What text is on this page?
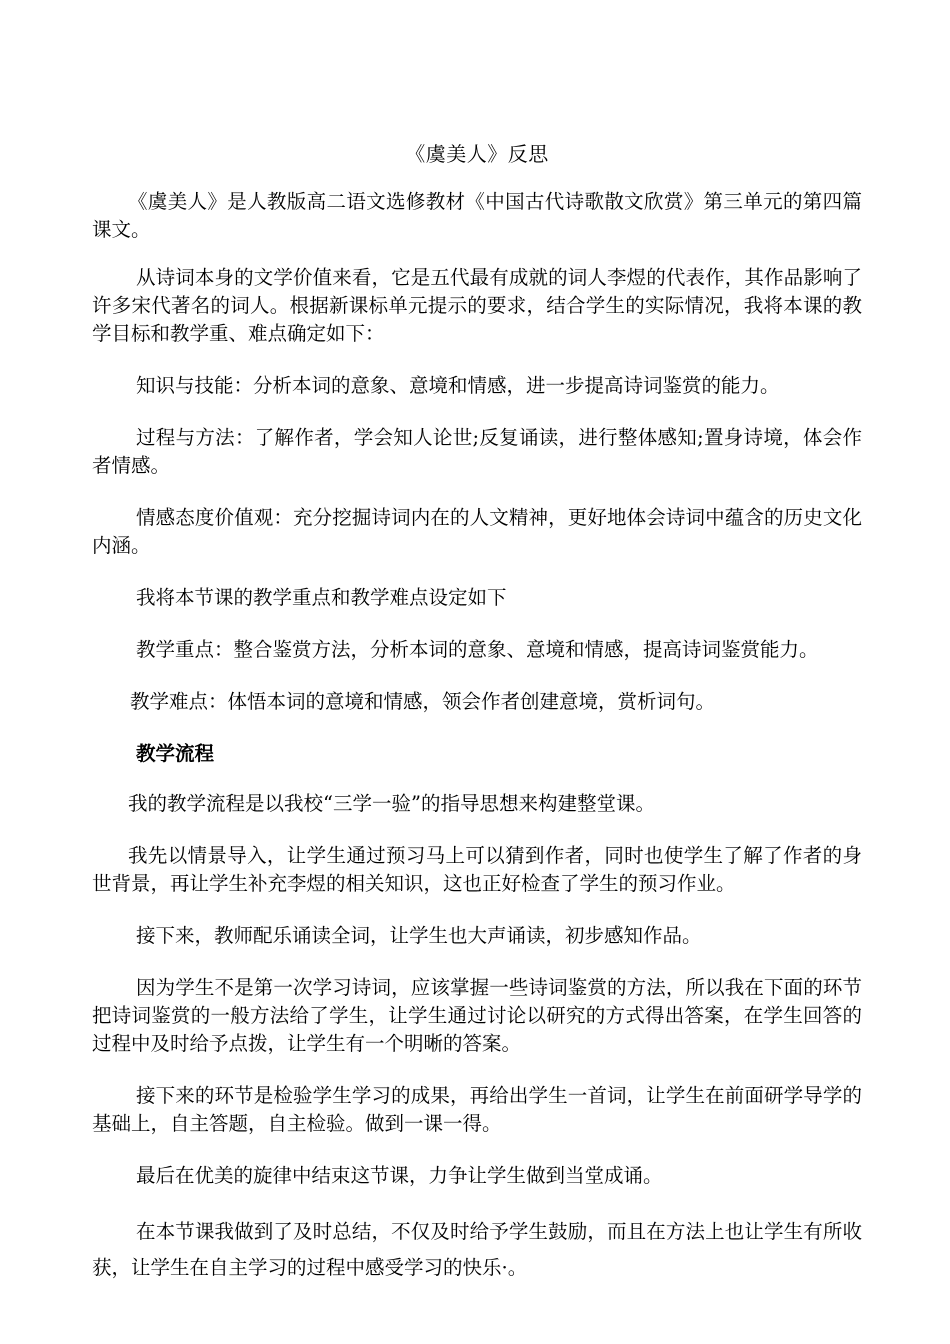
《虞美人》反思

《虞美人》是人教版高二语文选修教材《中国古代诗歌散文欣赏》第三单元的第四篇课文。

从诗词本身的文学价值来看，它是五代最有成就的词人李煜的代表作，其作品影响了许多宋代著名的词人。根据新课标单元提示的要求，结合学生的实际情况，我将本课的教学目标和教学重、难点确定如下：

知识与技能：分析本词的意象、意境和情感，进一步提高诗词鉴赏的能力。

过程与方法：了解作者，学会知人论世;反复诵读，进行整体感知;置身诗境，体会作者情感。

情感态度价值观：充分挖掘诗词内在的人文精神，更好地体会诗词中蕴含的历史文化内涵。

我将本节课的教学重点和教学难点设定如下

教学重点：整合鉴赏方法，分析本词的意象、意境和情感，提高诗词鉴赏能力。

教学难点：体悟本词的意境和情感，领会作者创建意境，赏析词句。

教学流程

我的教学流程是以我校“三学一验”的指导思想来构建整堂课。

我先以情景导入，让学生通过预习马上可以猜到作者，同时也使学生了解了作者的身世背景，再让学生补充李煜的相关知识，这也正好检查了学生的预习作业。

接下来，教师配乐诵读全词，让学生也大声诵读，初步感知作品。

因为学生不是第一次学习诗词，应该掌握一些诗词鉴赏的方法，所以我在下面的环节把诗词鉴赏的一般方法给了学生，让学生通过讨论以研究的方式得出答案，在学生回答的过程中及时给予点拨，让学生有一个明晰的答案。

接下来的环节是检验学生学习的成果，再给出学生一首词，让学生在前面研学导学的基础上，自主答题，自主检验。做到一课一得。

最后在优美的旋律中结束这节课，力争让学生做到当堂成诵。

在本节课我做到了及时总结，不仅及时给予学生鼓励，而且在方法上也让学生有所收获，让学生在自主学习的过程中感受学习的快乐·。
